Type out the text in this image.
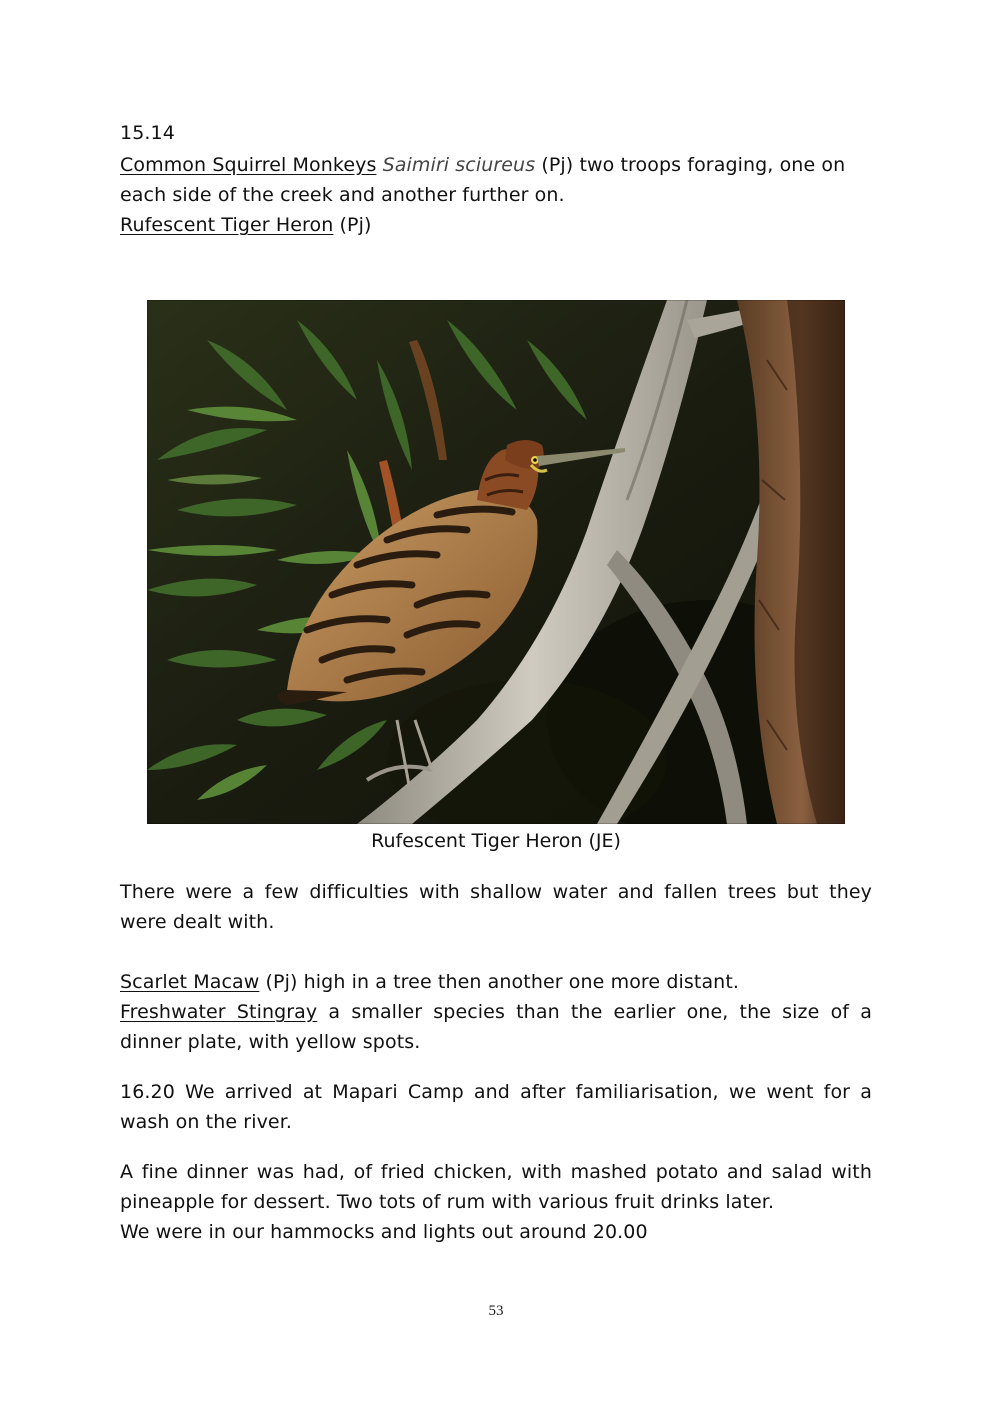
15.14

Common Squirrel Monkeys Saimiri sciureus (Pj) two troops foraging, one on each side of the creek and another further on.

Rufescent Tiger Heron (Pj)

Rufescent Tiger Heron (JE)

There were a few difficulties with shallow water and fallen trees but they were dealt with.

Scarlet Macaw (Pj) high in a tree then another one more distant.

Freshwater Stingray a smaller species than the earlier one, the size of a dinner plate, with yellow spots.

16.20 We arrived at Mapari Camp and after familiarisation, we went for a wash on the river.

A fine dinner was had, of fried chicken, with mashed potato and salad with pineapple for dessert. Two tots of rum with various fruit drinks later.

We were in our hammocks and lights out around 20.00

53
